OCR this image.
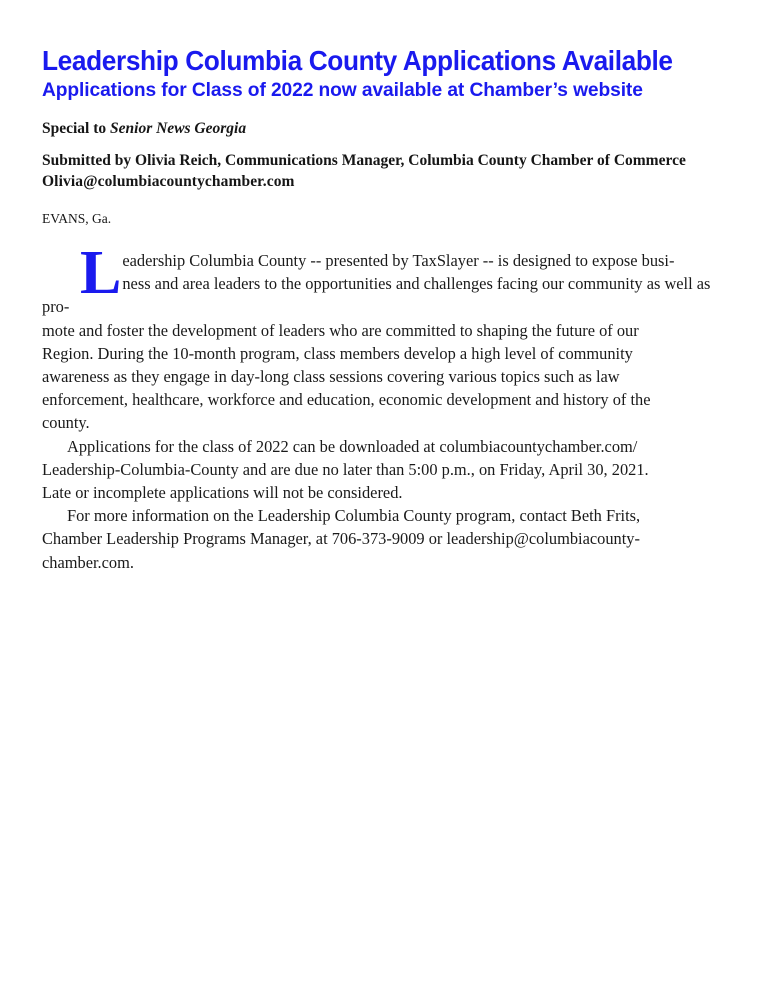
Leadership Columbia County Applications Available
Applications for Class of 2022 now available at Chamber’s website

Special to Senior News Georgia

Submitted by Olivia Reich, Communications Manager, Columbia County Chamber of Commerce
Olivia@columbiacountychamber.com

EVANS, Ga.

L eadership Columbia County -- presented by TaxSlayer -- is designed to expose busi-
ness and area leaders to the opportunities and challenges facing our community as well as pro-
mote and foster the development of leaders who are committed to shaping the future of our
Region. During the 10-month program, class members develop a high level of community
awareness as they engage in day-long class sessions covering various topics such as law
enforcement, healthcare, workforce and education, economic development and history of the
county.

Applications for the class of 2022 can be downloaded at columbiacountychamber.com/
Leadership-Columbia-County and are due no later than 5:00 p.m., on Friday, April 30, 2021.
Late or incomplete applications will not be considered.

For more information on the Leadership Columbia County program, contact Beth Frits,
Chamber Leadership Programs Manager, at 706-373-9009 or leadership@columbiacounty-
chamber.com.
